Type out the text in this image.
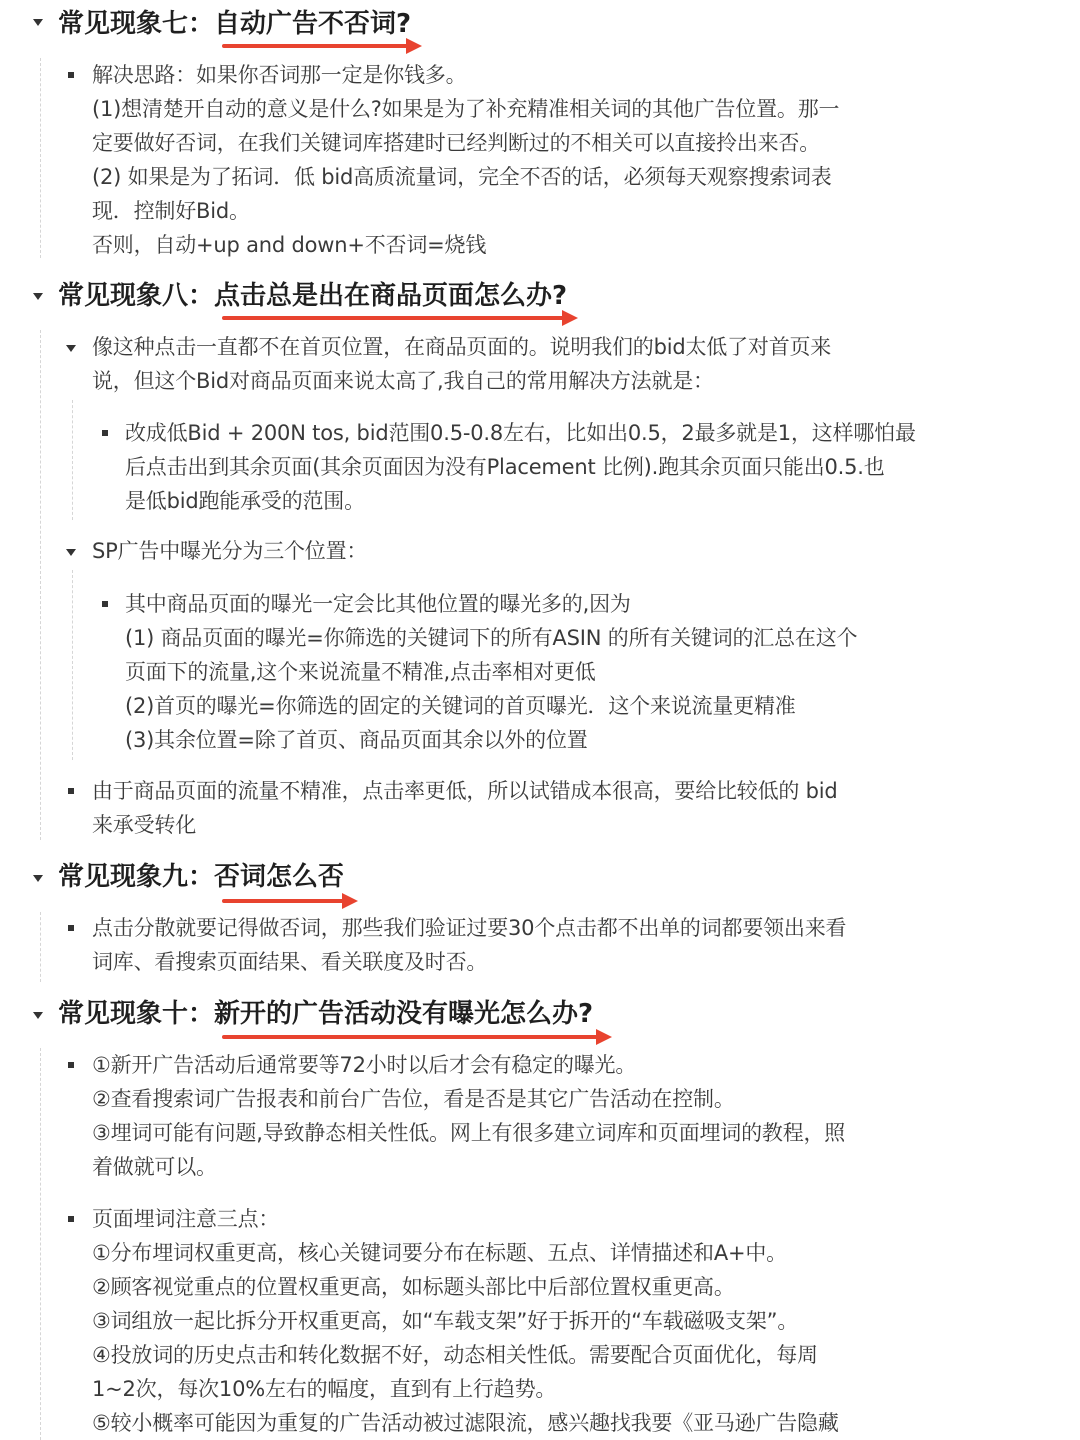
常见现象七：自动广告不否词?
解决思路：如果你否词那一定是你钱多。
(1)想清楚开自动的意义是什么?如果是为了补充精准相关词的其他广告位置。那一
定要做好否词，在我们关键词库搭建时已经判断过的不相关可以直接拎出来否。
(2) 如果是为了拓词．低 bid高质流量词，完全不否的话，必须每天观察搜索词表
现．控制好Bid。
否则，自动+up and down+不否词=烧钱
常见现象八：点击总是出在商品页面怎么办?
像这种点击一直都不在首页位置，在商品页面的。说明我们的bid太低了对首页来
说，但这个Bid对商品页面来说太高了,我自己的常用解决方法就是：
改成低Bid + 200N tos, bid范围0.5-0.8左右，比如出0.5，2最多就是1，这样哪怕最
后点击出到其余页面(其余页面因为没有Placement 比例).跑其余页面只能出0.5.也
是低bid跑能承受的范围。
SP广告中曝光分为三个位置：
其中商品页面的曝光一定会比其他位置的曝光多的,因为
(1) 商品页面的曝光=你筛选的关键词下的所有ASIN 的所有关键词的汇总在这个
页面下的流量,这个来说流量不精准,点击率相对更低
(2)首页的曝光=你筛选的固定的关键词的首页曝光．这个来说流量更精准
(3)其余位置=除了首页、商品页面其余以外的位置
由于商品页面的流量不精准，点击率更低，所以试错成本很高，要给比较低的 bid
来承受转化
常见现象九：否词怎么否
点击分散就要记得做否词，那些我们验证过要30个点击都不出单的词都要领出来看
词库、看搜索页面结果、看关联度及时否。
常见现象十：新开的广告活动没有曝光怎么办?
①新开广告活动后通常要等72小时以后才会有稳定的曝光。
②查看搜索词广告报表和前台广告位，看是否是其它广告活动在控制。
③埋词可能有问题,导致静态相关性低。网上有很多建立词库和页面埋词的教程，照
着做就可以。
页面埋词注意三点：
①分布埋词权重更高，核心关键词要分布在标题、五点、详情描述和A+中。
②顾客视觉重点的位置权重更高，如标题头部比中后部位置权重更高。
③词组放一起比拆分开权重更高，如“车载支架”好于拆开的“车载磁吸支架”。
④投放词的历史点击和转化数据不好，动态相关性低。需要配合页面优化，每周
1~2次，每次10%左右的幅度，直到有上行趋势。
⑤较小概率可能因为重复的广告活动被过滤限流，感兴趣找我要《亚马逊广告隐藏
